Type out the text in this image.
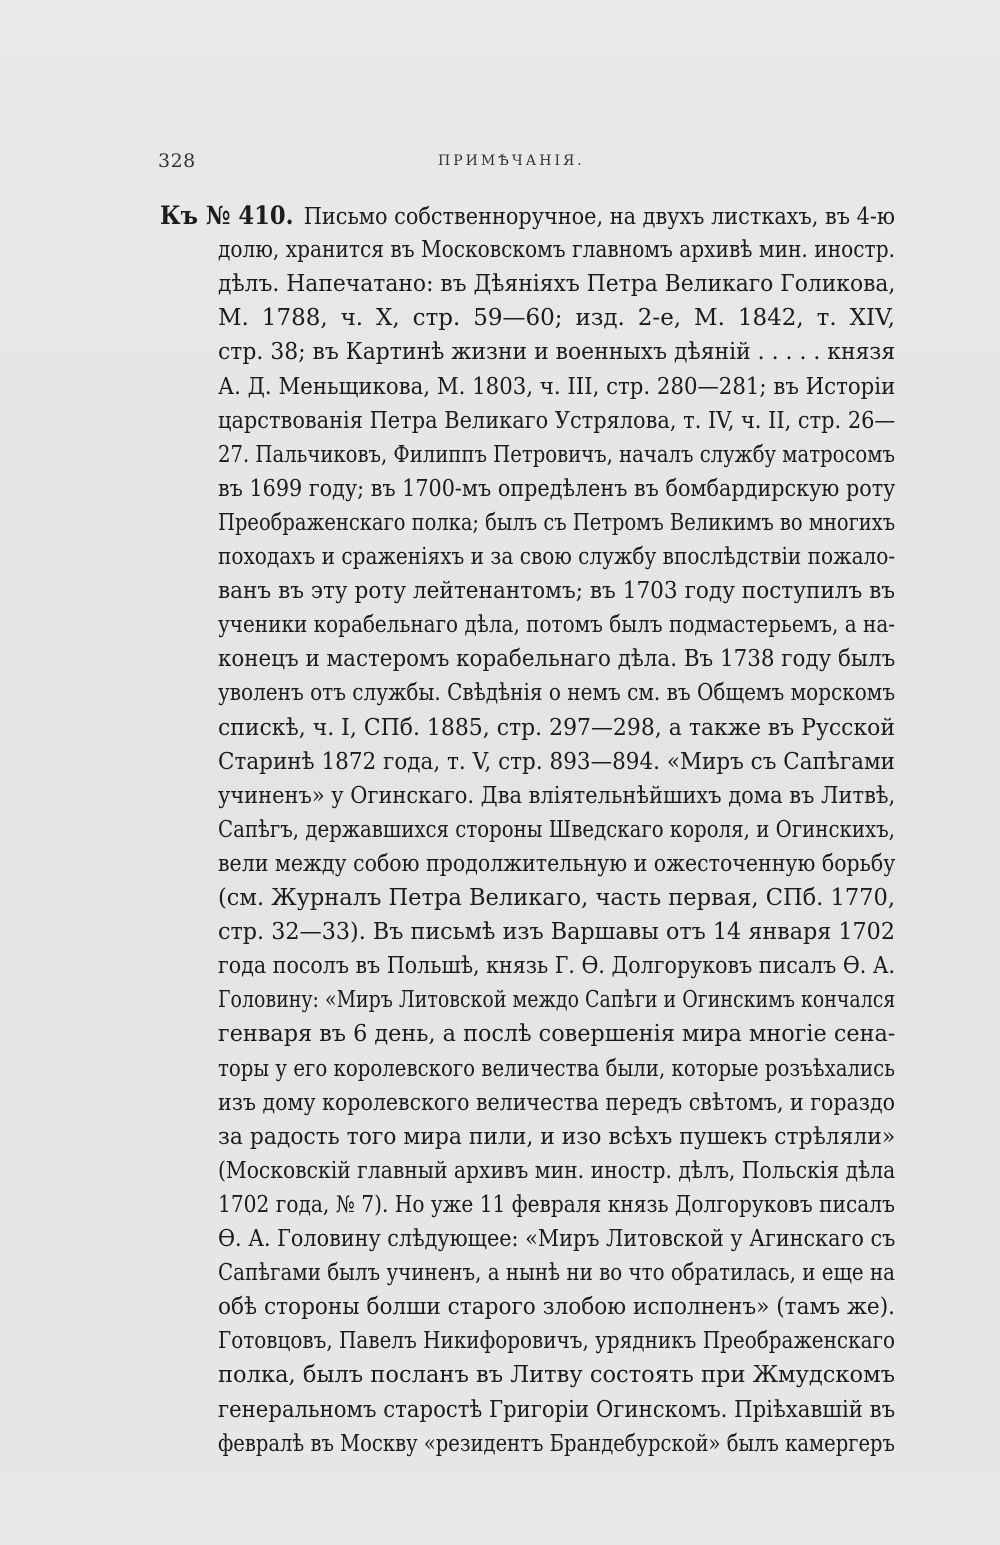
328	ПРИМѢЧАНІЯ.
Къ № 410. Письмо собственноручное, на двухъ листкахъ, въ 4-ю
долю, хранится въ Московскомъ главномъ архивѣ мин. иностр.
дѣлъ. Напечатано: въ Дѣяніяхъ Петра Великаго Голикова,
М. 1788, ч. X, стр. 59—60; изд. 2-е, М. 1842, т. XIV,
стр. 38; въ Картинѣ жизни и военныхъ дѣяній . . . . . князя
А. Д. Меньщикова, М. 1803, ч. III, стр. 280—281; въ Исторіи
царствованія Петра Великаго Устрялова, т. IV, ч. II, стр. 26—
27. Пальчиковъ, Филиппъ Петровичъ, началъ службу матросомъ
въ 1699 году; въ 1700-мъ опредѣленъ въ бомбардирскую роту
Преображенскаго полка; былъ съ Петромъ Великимъ во многихъ
походахъ и сраженіяхъ и за свою службу впослѣдствіи пожало-
ванъ въ эту роту лейтенантомъ; въ 1703 году поступилъ въ
ученики корабельнаго дѣла, потомъ былъ подмастерьемъ, а на-
конецъ и мастеромъ корабельнаго дѣла. Въ 1738 году былъ
уволенъ отъ службы. Свѣдѣнія о немъ см. въ Общемъ морскомъ
спискѣ, ч. I, СПб. 1885, стр. 297—298, а также въ Русской
Старинѣ 1872 года, т. V, стр. 893—894. «Миръ съ Сапѣгами
учиненъ» у Огинскаго. Два вліятельнѣйшихъ дома въ Литвѣ,
Сапѣгъ, державшихся стороны Шведскаго короля, и Огинскихъ,
вели между собою продолжительную и ожесточенную борьбу
(см. Журналъ Петра Великаго, часть первая, СПб. 1770,
стр. 32—33). Въ письмѣ изъ Варшавы отъ 14 января 1702
года посолъ въ Польшѣ, князь Г. Ѳ. Долгоруковъ писалъ Ѳ. А.
Головину: «Миръ Литовской междо Сапѣги и Огинскимъ кончался
генваря въ 6 день, а послѣ совершенія мира многіе сена-
торы у его королевского величества были, которые розъѣхались
изъ дому королевского величества передъ свѣтомъ, и гораздо
за радость того мира пили, и изо всѣхъ пушекъ стрѣляли»
(Московскій главный архивъ мин. иностр. дѣлъ, Польскія дѣла
1702 года, № 7). Но уже 11 февраля князь Долгоруковъ писалъ
Ѳ. А. Головину слѣдующее: «Миръ Литовской у Агинскаго съ
Сапѣгами былъ учиненъ, а нынѣ ни во что обратилась, и еще на
обѣ стороны болши старого злобою исполненъ» (тамъ же).
Готовцовъ, Павелъ Никифоровичъ, урядникъ Преображенскаго
полка, былъ посланъ въ Литву состоять при Жмудскомъ
генеральномъ старостѣ Григоріи Огинскомъ. Пріѣхавшій въ
февралѣ въ Москву «резидентъ Брандебурской» былъ камергеръ
